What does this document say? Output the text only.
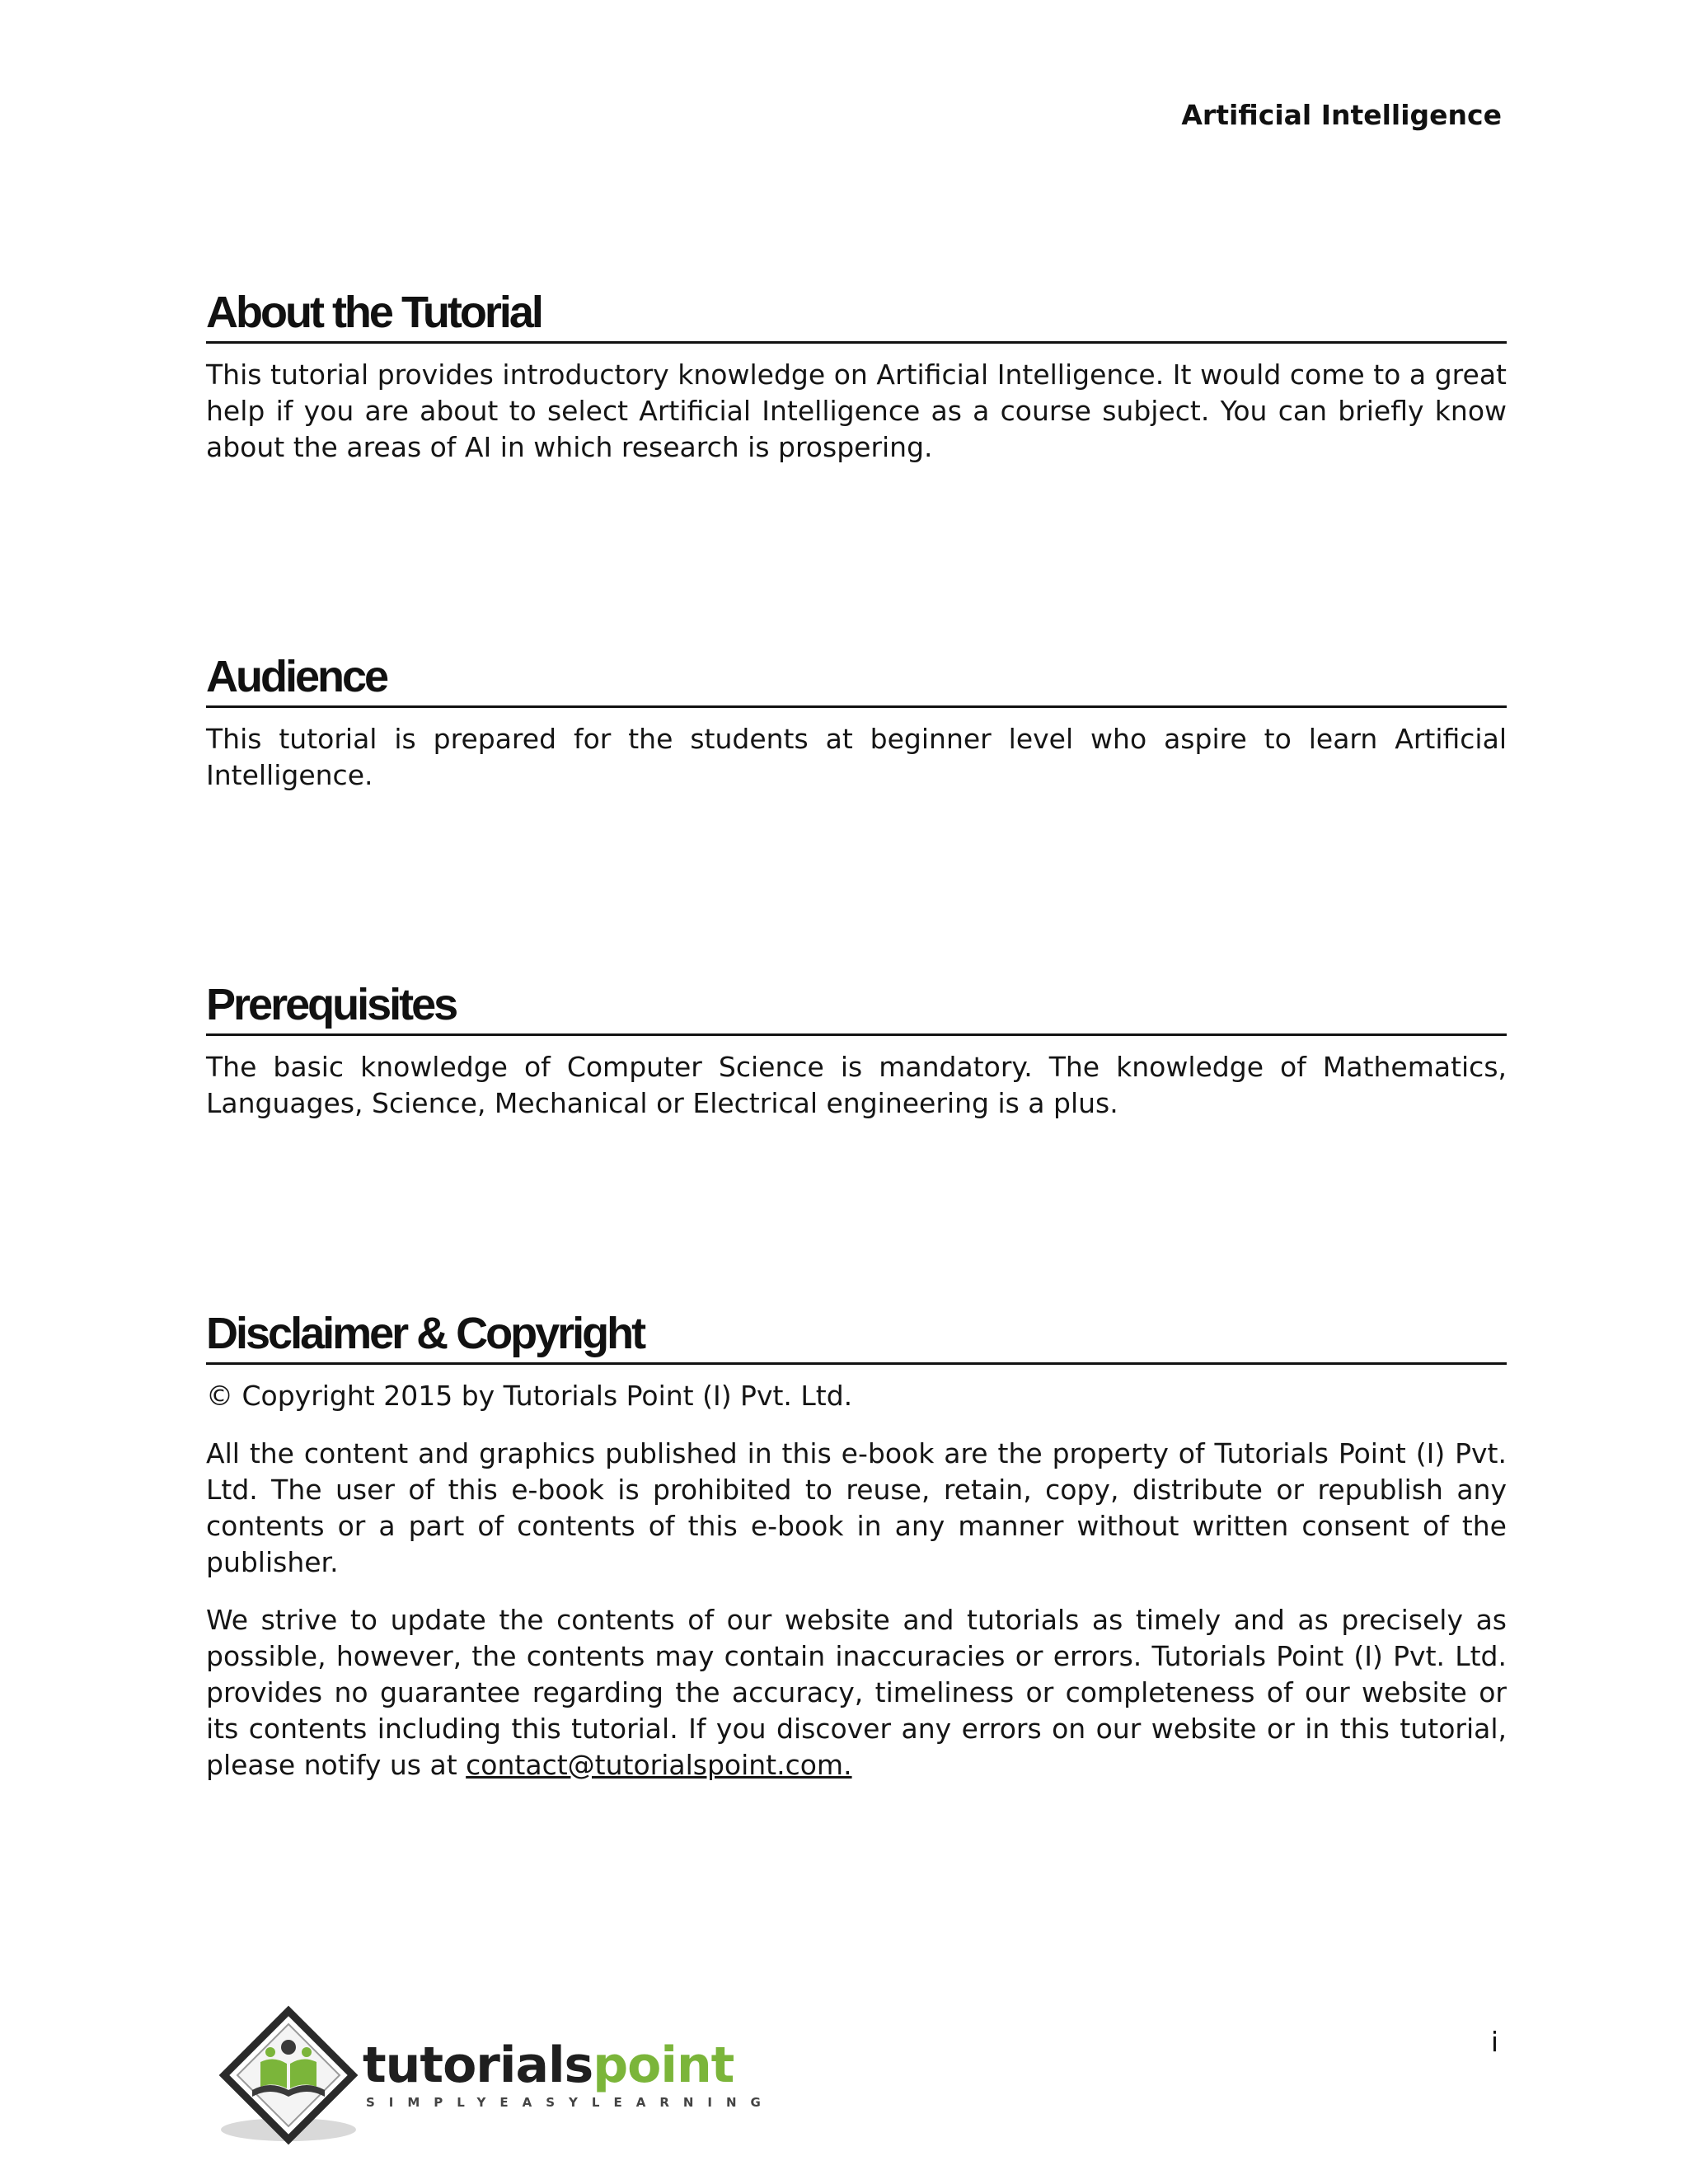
Artificial Intelligence
About the Tutorial

This tutorial provides introductory knowledge on Artificial Intelligence. It would come to a great help if you are about to select Artificial Intelligence as a course subject. You can briefly know about the areas of AI in which research is prospering.

Audience

This tutorial is prepared for the students at beginner level who aspire to learn Artificial Intelligence.

Prerequisites

The basic knowledge of Computer Science is mandatory. The knowledge of Mathematics, Languages, Science, Mechanical or Electrical engineering is a plus.

Disclaimer & Copyright

© Copyright 2015 by Tutorials Point (I) Pvt. Ltd.

All the content and graphics published in this e-book are the property of Tutorials Point (I) Pvt. Ltd. The user of this e-book is prohibited to reuse, retain, copy, distribute or republish any contents or a part of contents of this e-book in any manner without written consent of the publisher.

We strive to update the contents of our website and tutorials as timely and as precisely as possible, however, the contents may contain inaccuracies or errors. Tutorials Point (I) Pvt. Ltd. provides no guarantee regarding the accuracy, timeliness or completeness of our website or its contents including this tutorial. If you discover any errors on our website or in this tutorial, please notify us at contact@tutorialspoint.com.

i
tutorialspoint
SIMPLYEASYLEARNING
